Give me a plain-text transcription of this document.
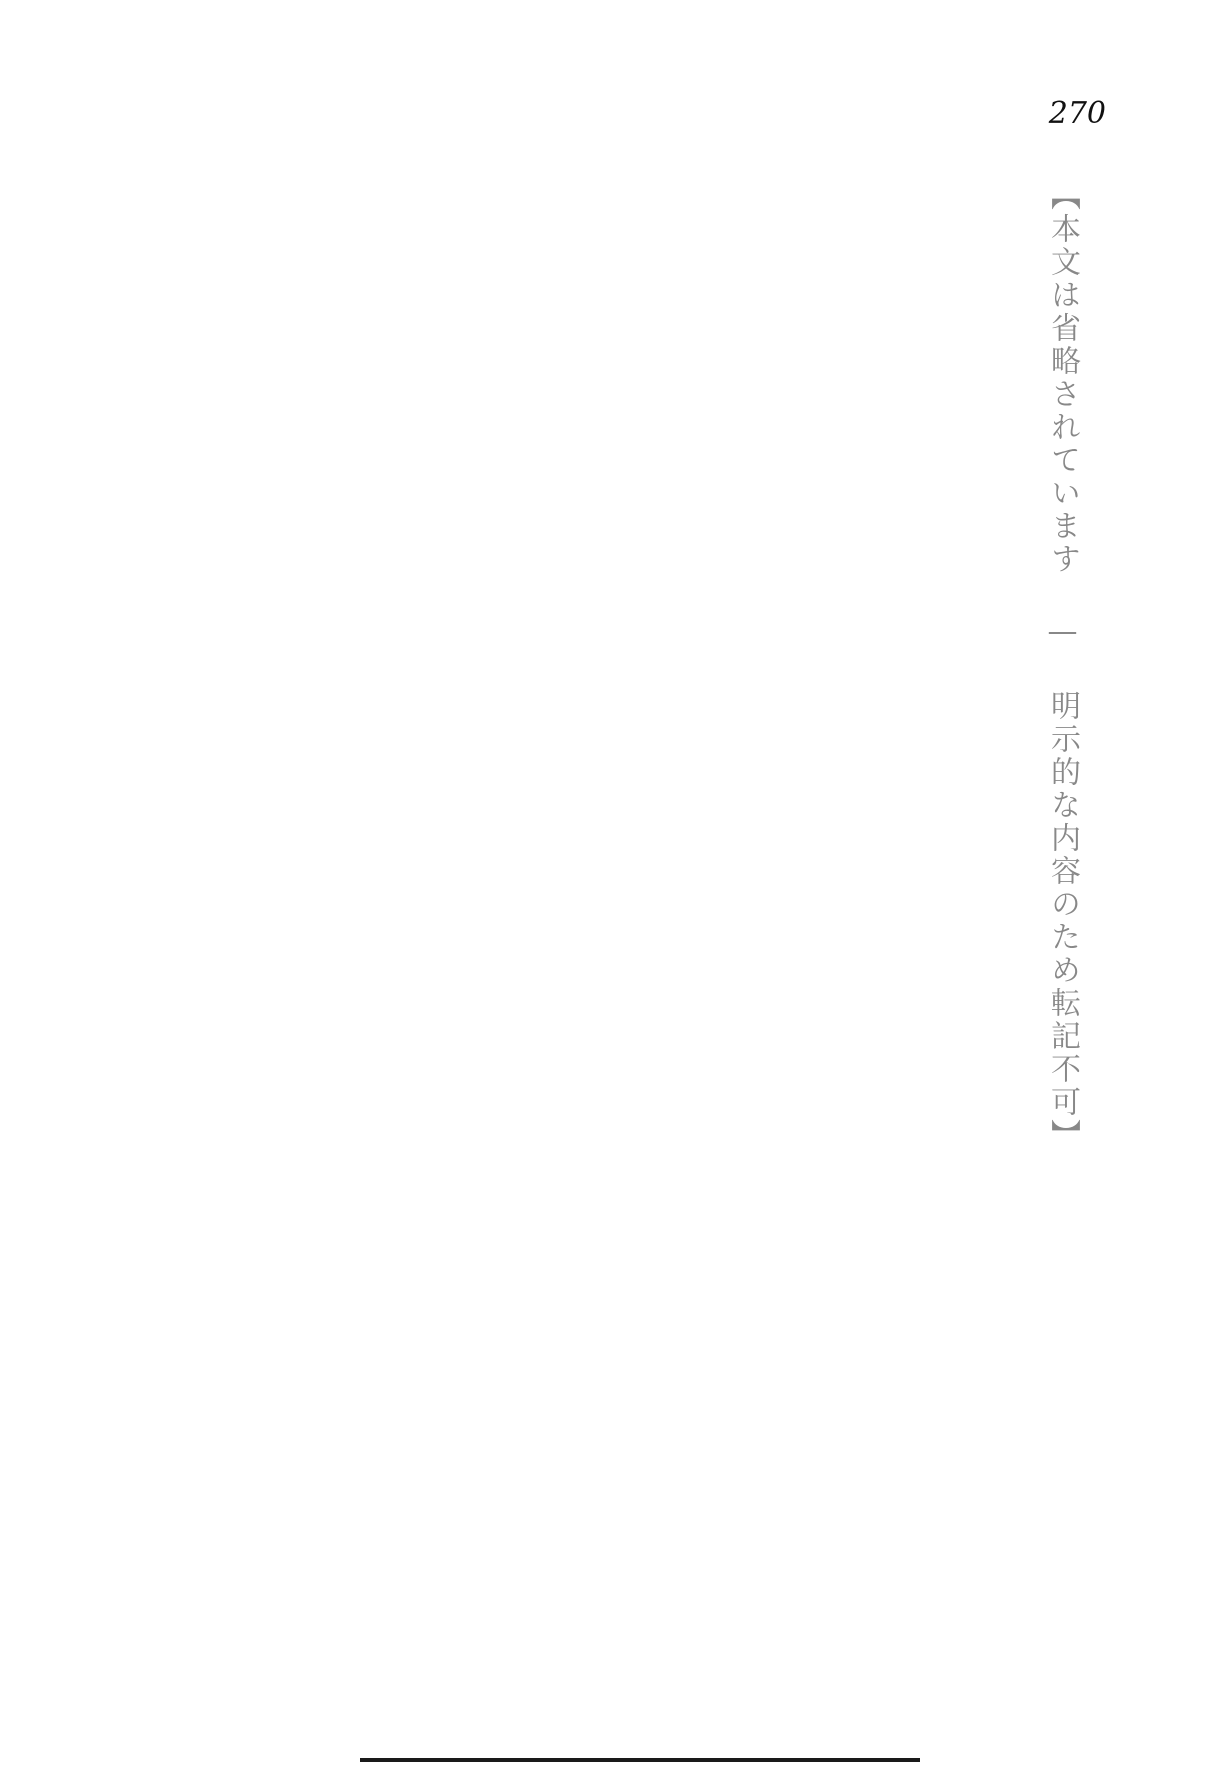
270
【本文は省略されています — 明示的な内容のため転記不可】
